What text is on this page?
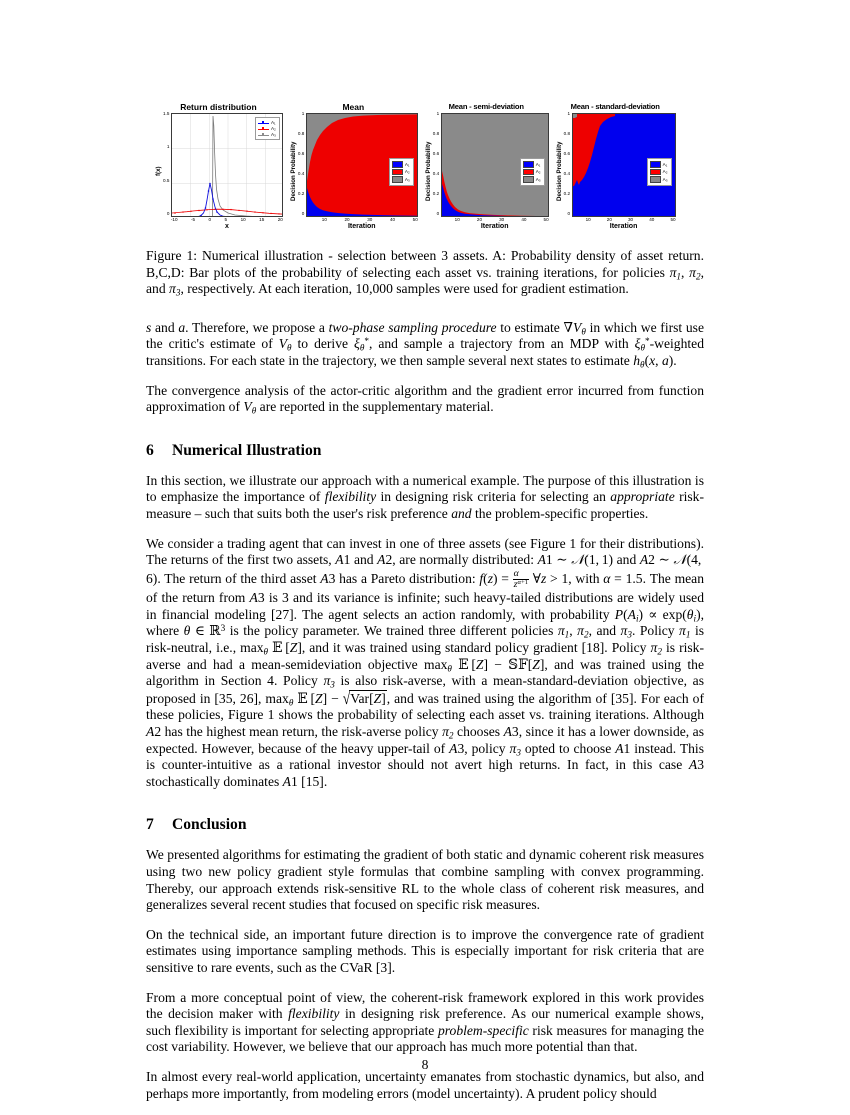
Return distribution
f(x)
1.5
1
0.5
0
A₁
A₂
A₃
-10	-5	0	5	10	15	20
x
Mean
Decision Probability
1
0.8
0.6
0.4
0.2
0
A₁
A₂
A₃
10	20	30	40	50
Iteration
Mean - semi-deviation
Decision Probability
1
0.8
0.6
0.4
0.2
0
A₁
A₂
A₃
10	20	30	40	50
Iteration
Mean - standard-deviation
Decision Probability
1
0.8
0.6
0.4
0.2
0
A₁
A₂
A₃
10	20	30	40	50
Iteration
Figure 1: Numerical illustration - selection between 3 assets. A: Probability density of asset return. B,C,D: Bar plots of the probability of selecting each asset vs. training iterations, for policies $\pi_1$, $\pi_2$, and $\pi_3$, respectively. At each iteration, 10,000 samples were used for gradient estimation.

s and a. Therefore, we propose a two-phase sampling procedure to estimate $\nabla V_\theta$ in which we first use the critic's estimate of $V_\theta$ to derive $\xi_\theta^*$, and sample a trajectory from an MDP with $\xi_\theta^*$-weighted transitions. For each state in the trajectory, we then sample several next states to estimate $h_\theta(x$, a).

The convergence analysis of the actor-critic algorithm and the gradient error incurred from function approximation of $V_\theta$ are reported in the supplementary material.

6 Numerical Illustration

In this section, we illustrate our approach with a numerical example. The purpose of this illustration is to emphasize the importance of flexibility in designing risk criteria for selecting an appropriate risk-measure – such that suits both the user's risk preference and the problem-specific properties.

We consider a trading agent that can invest in one of three assets (see Figure 1 for their distributions). The returns of the first two assets, A1 and A2, are normally distributed: A1 ∼ 𝒩(1, 1) and A2 ∼ 𝒩(4, 6). The return of the third asset A3 has a Pareto distribution: $f(z) = \frac{\alpha}{z^{\alpha+1}}$ ∀z > 1, with α = 1.5. The mean of the return from A3 is 3 and its variance is infinite; such heavy-tailed distributions are widely used in financial modeling [27]. The agent selects an action randomly, with probability $P(A_i) \propto \exp(\theta_i)$, where θ ∈ ℝ$^3$ is the policy parameter. We trained three different policies $\pi_1$, $\pi_2$, and $\pi_3$. Policy $\pi_1$ is risk-neutral, i.e., $\max_\theta$ 𝔼 [Z], and it was trained using standard policy gradient [18]. Policy $\pi_2$ is risk-averse and had a mean-semideviation objective $\max_\theta$ 𝔼 [Z] − 𝕊𝔽[Z], and was trained using the algorithm in Section 4. Policy $\pi_3$ is also risk-averse, with a mean-standard-deviation objective, as proposed in [35, 26], $\max_\theta$ 𝔼 [Z] − √Var[Z], and was trained using the algorithm of [35]. For each of these policies, Figure 1 shows the probability of selecting each asset vs. training iterations. Although A2 has the highest mean return, the risk-averse policy $\pi_2$ chooses A3, since it has a lower downside, as expected. However, because of the heavy upper-tail of A3, policy $\pi_3$ opted to choose A1 instead. This is counter-intuitive as a rational investor should not avert high returns. In fact, in this case A3 stochastically dominates A1 [15].

7 Conclusion

We presented algorithms for estimating the gradient of both static and dynamic coherent risk measures using two new policy gradient style formulas that combine sampling with convex programming. Thereby, our approach extends risk-sensitive RL to the whole class of coherent risk measures, and generalizes several recent studies that focused on specific risk measures.

On the technical side, an important future direction is to improve the convergence rate of gradient estimates using importance sampling methods. This is especially important for risk criteria that are sensitive to rare events, such as the CVaR [3].

From a more conceptual point of view, the coherent-risk framework explored in this work provides the decision maker with flexibility in designing risk preference. As our numerical example shows, such flexibility is important for selecting appropriate problem-specific risk measures for managing the cost variability. However, we believe that our approach has much more potential than that.

In almost every real-world application, uncertainty emanates from stochastic dynamics, but also, and perhaps more importantly, from modeling errors (model uncertainty). A prudent policy should

8
